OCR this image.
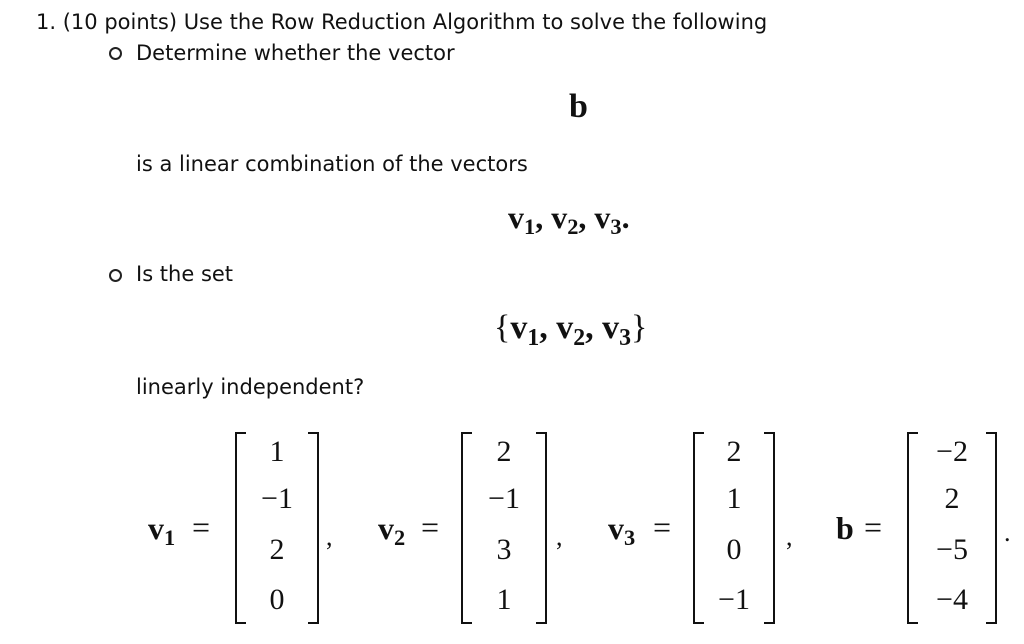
1. (10 points) Use the Row Reduction Algorithm to solve the following
Determine whether the vector
b
is a linear combination of the vectors
v1, v2, v3.
Is the set
{v1, v2, v3}
linearly independent?
v1 =
1
−1
2
0
, v2 =
2
−1
3
1
, v3 =
2
1
0
−1
, b =
−2
2
−5
−4
.
